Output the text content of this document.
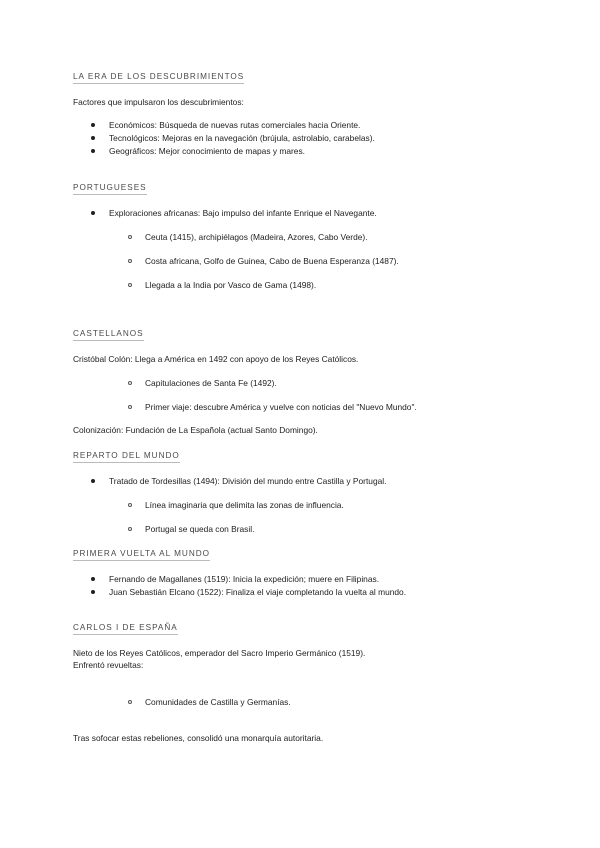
LA ERA DE LOS DESCUBRIMIENTOS
Factores que impulsaron los descubrimientos:
Económicos: Búsqueda de nuevas rutas comerciales hacia Oriente.
Tecnológicos: Mejoras en la navegación (brújula, astrolabio, carabelas).
Geográficos: Mejor conocimiento de mapas y mares.
PORTUGUESES
Exploraciones africanas: Bajo impulso del infante Enrique el Navegante.
Ceuta (1415), archipiélagos (Madeira, Azores, Cabo Verde).
Costa africana, Golfo de Guinea, Cabo de Buena Esperanza (1487).
Llegada a la India por Vasco de Gama (1498).
CASTELLANOS
Cristóbal Colón: Llega a América en 1492 con apoyo de los Reyes Católicos.
Capitulaciones de Santa Fe (1492).
Primer viaje: descubre América y vuelve con noticias del "Nuevo Mundo".
Colonización: Fundación de La Española (actual Santo Domingo).
REPARTO DEL MUNDO
Tratado de Tordesillas (1494): División del mundo entre Castilla y Portugal.
Línea imaginaria que delimita las zonas de influencia.
Portugal se queda con Brasil.
PRIMERA VUELTA AL MUNDO
Fernando de Magallanes (1519): Inicia la expedición; muere en Filipinas.
Juan Sebastián Elcano (1522): Finaliza el viaje completando la vuelta al mundo.
CARLOS I DE ESPAÑA
Nieto de los Reyes Católicos, emperador del Sacro Imperio Germánico (1519).
Enfrentó revueltas:
Comunidades de Castilla y Germanías.
Tras sofocar estas rebeliones, consolidó una monarquía autoritaria.
